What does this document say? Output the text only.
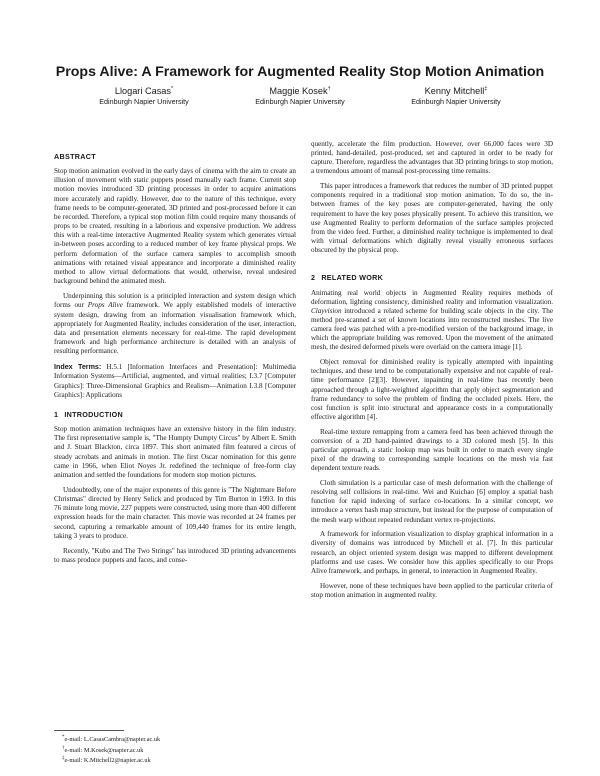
Props Alive: A Framework for Augmented Reality Stop Motion Animation
Llogari Casas*
Edinburgh Napier University
Maggie Kosek†
Edinburgh Napier University
Kenny Mitchell‡
Edinburgh Napier University
ABSTRACT

Stop motion animation evolved in the early days of cinema with the aim to create an illusion of movement with static puppets posed manually each frame. Current stop motion movies introduced 3D printing processes in order to acquire animations more accurately and rapidly. However, due to the nature of this technique, every frame needs to be computer-generated, 3D printed and post-processed before it can be recorded. Therefore, a typical stop motion film could require many thousands of props to be created, resulting in a laborious and expensive production. We address this with a real-time interactive Augmented Reality system which generates virtual in-between poses according to a reduced number of key frame physical props. We perform deformation of the surface camera samples to accomplish smooth animations with retained visual appearance and incorporate a diminished reality method to allow virtual deformations that would, otherwise, reveal undesired background behind the animated mesh.

Underpinning this solution is a principled interaction and system design which forms our Props Alive framework. We apply established models of interactive system design, drawing from an information visualisation framework which, appropriately for Augmented Reality, includes consideration of the user, interaction, data and presentation elements necessary for real-time. The rapid development framework and high performance architecture is detailed with an analysis of resulting performance.

Index Terms: H.5.1 [Information Interfaces and Presentation]: Multimedia Information Systems—Artificial, augmented, and virtual realities; I.3.7 [Computer Graphics]: Three-Dimensional Graphics and Realism—Animation I.3.8 [Computer Graphics]: Applications

1 INTRODUCTION

Stop motion animation techniques have an extensive history in the film industry. The first representative sample is, "The Humpty Dumpty Circus" by Albert E. Smith and J. Stuart Blackton, circa 1897. This short animated film featured a circus of steady acrobats and animals in motion. The first Oscar nomination for this genre came in 1966, when Eliot Noyes Jr. redefined the technique of free-form clay animation and settled the foundations for modern stop motion pictures.

Undoubtedly, one of the major exponents of this genre is "The Nightmare Before Christmas" directed by Henry Selick and produced by Tim Burton in 1993. In this 76 minute long movie, 227 puppets were constructed, using more than 400 different expression heads for the main character. This movie was recorded at 24 frames per second, capturing a remarkable amount of 109,440 frames for its entire length, taking 3 years to produce.

Recently, "Kubo and The Two Strings" has introduced 3D printing advancements to mass produce puppets and faces, and conse-

*e-mail: L.CasasCambra@napier.ac.uk
†e-mail: M.Kosek@napier.ac.uk
‡e-mail: K.Mitchell2@napier.ac.uk

quently, accelerate the film production. However, over 66,000 faces were 3D printed, hand-detailed, post-produced, set and captured in order to be ready for capture. Therefore, regardless the advantages that 3D printing brings to stop motion, a tremendous amount of manual post-processing time remains.

This paper introduces a framework that reduces the number of 3D printed puppet components required in a traditional stop motion animation. To do so, the in-between frames of the key poses are computer-generated, having the only requirement to have the key poses physically present. To achieve this transition, we use Augmented Reality to perform deformation of the surface samples projected from the video feed. Further, a diminished reality technique is implemented to deal with virtual deformations which digitally reveal visually erroneous surfaces obscured by the physical prop.

2 RELATED WORK

Animating real world objects in Augmented Reality requires methods of deformation, lighting consistency, diminished reality and information visualization. Clayvision introduced a related scheme for building scale objects in the city. The method pre-scanned a set of known locations into reconstructed meshes. The live camera feed was patched with a pre-modified version of the background image, in which the appropriate building was removed. Upon the movement of the animated mesh, the desired deformed pixels were overlaid on the camera image [1].

Object removal for diminished reality is typically attempted with inpainting techniques, and these tend to be computationally expensive and not capable of real-time performance [2][3]. However, inpainting in real-time has recently been approached through a light-weighted algorithm that apply object segmentation and frame redundancy to solve the problem of finding the occluded pixels. Here, the cost function is split into structural and appearance costs in a computationally effective algorithm [4].

Real-time texture remapping from a camera feed has been achieved through the conversion of a 2D hand-painted drawings to a 3D colored mesh [5]. In this particular approach, a static lookup map was built in order to match every single pixel of the drawing to corresponding sample locations on the mesh via fast dependent texture reads.

Cloth simulation is a particular case of mesh deformation with the challenge of resolving self collisions in real-time. Wei and Kuichao [6] employ a spatial hash function for rapid indexing of surface co-locations. In a similar concept, we introduce a vertex hash map structure, but instead for the purpose of computation of the mesh warp without repeated redundant vertex re-projections.

A framework for information visualization to display graphical information in a diversity of domains was introduced by Mitchell et al. [7]. In this particular research, an object oriented system design was mapped to different development platforms and use cases. We consider how this applies specifically to our Props Alive framework, and perhaps, in general, to interaction in Augmented Reality.

However, none of these techniques have been applied to the particular criteria of stop motion animation in augmented reality.
